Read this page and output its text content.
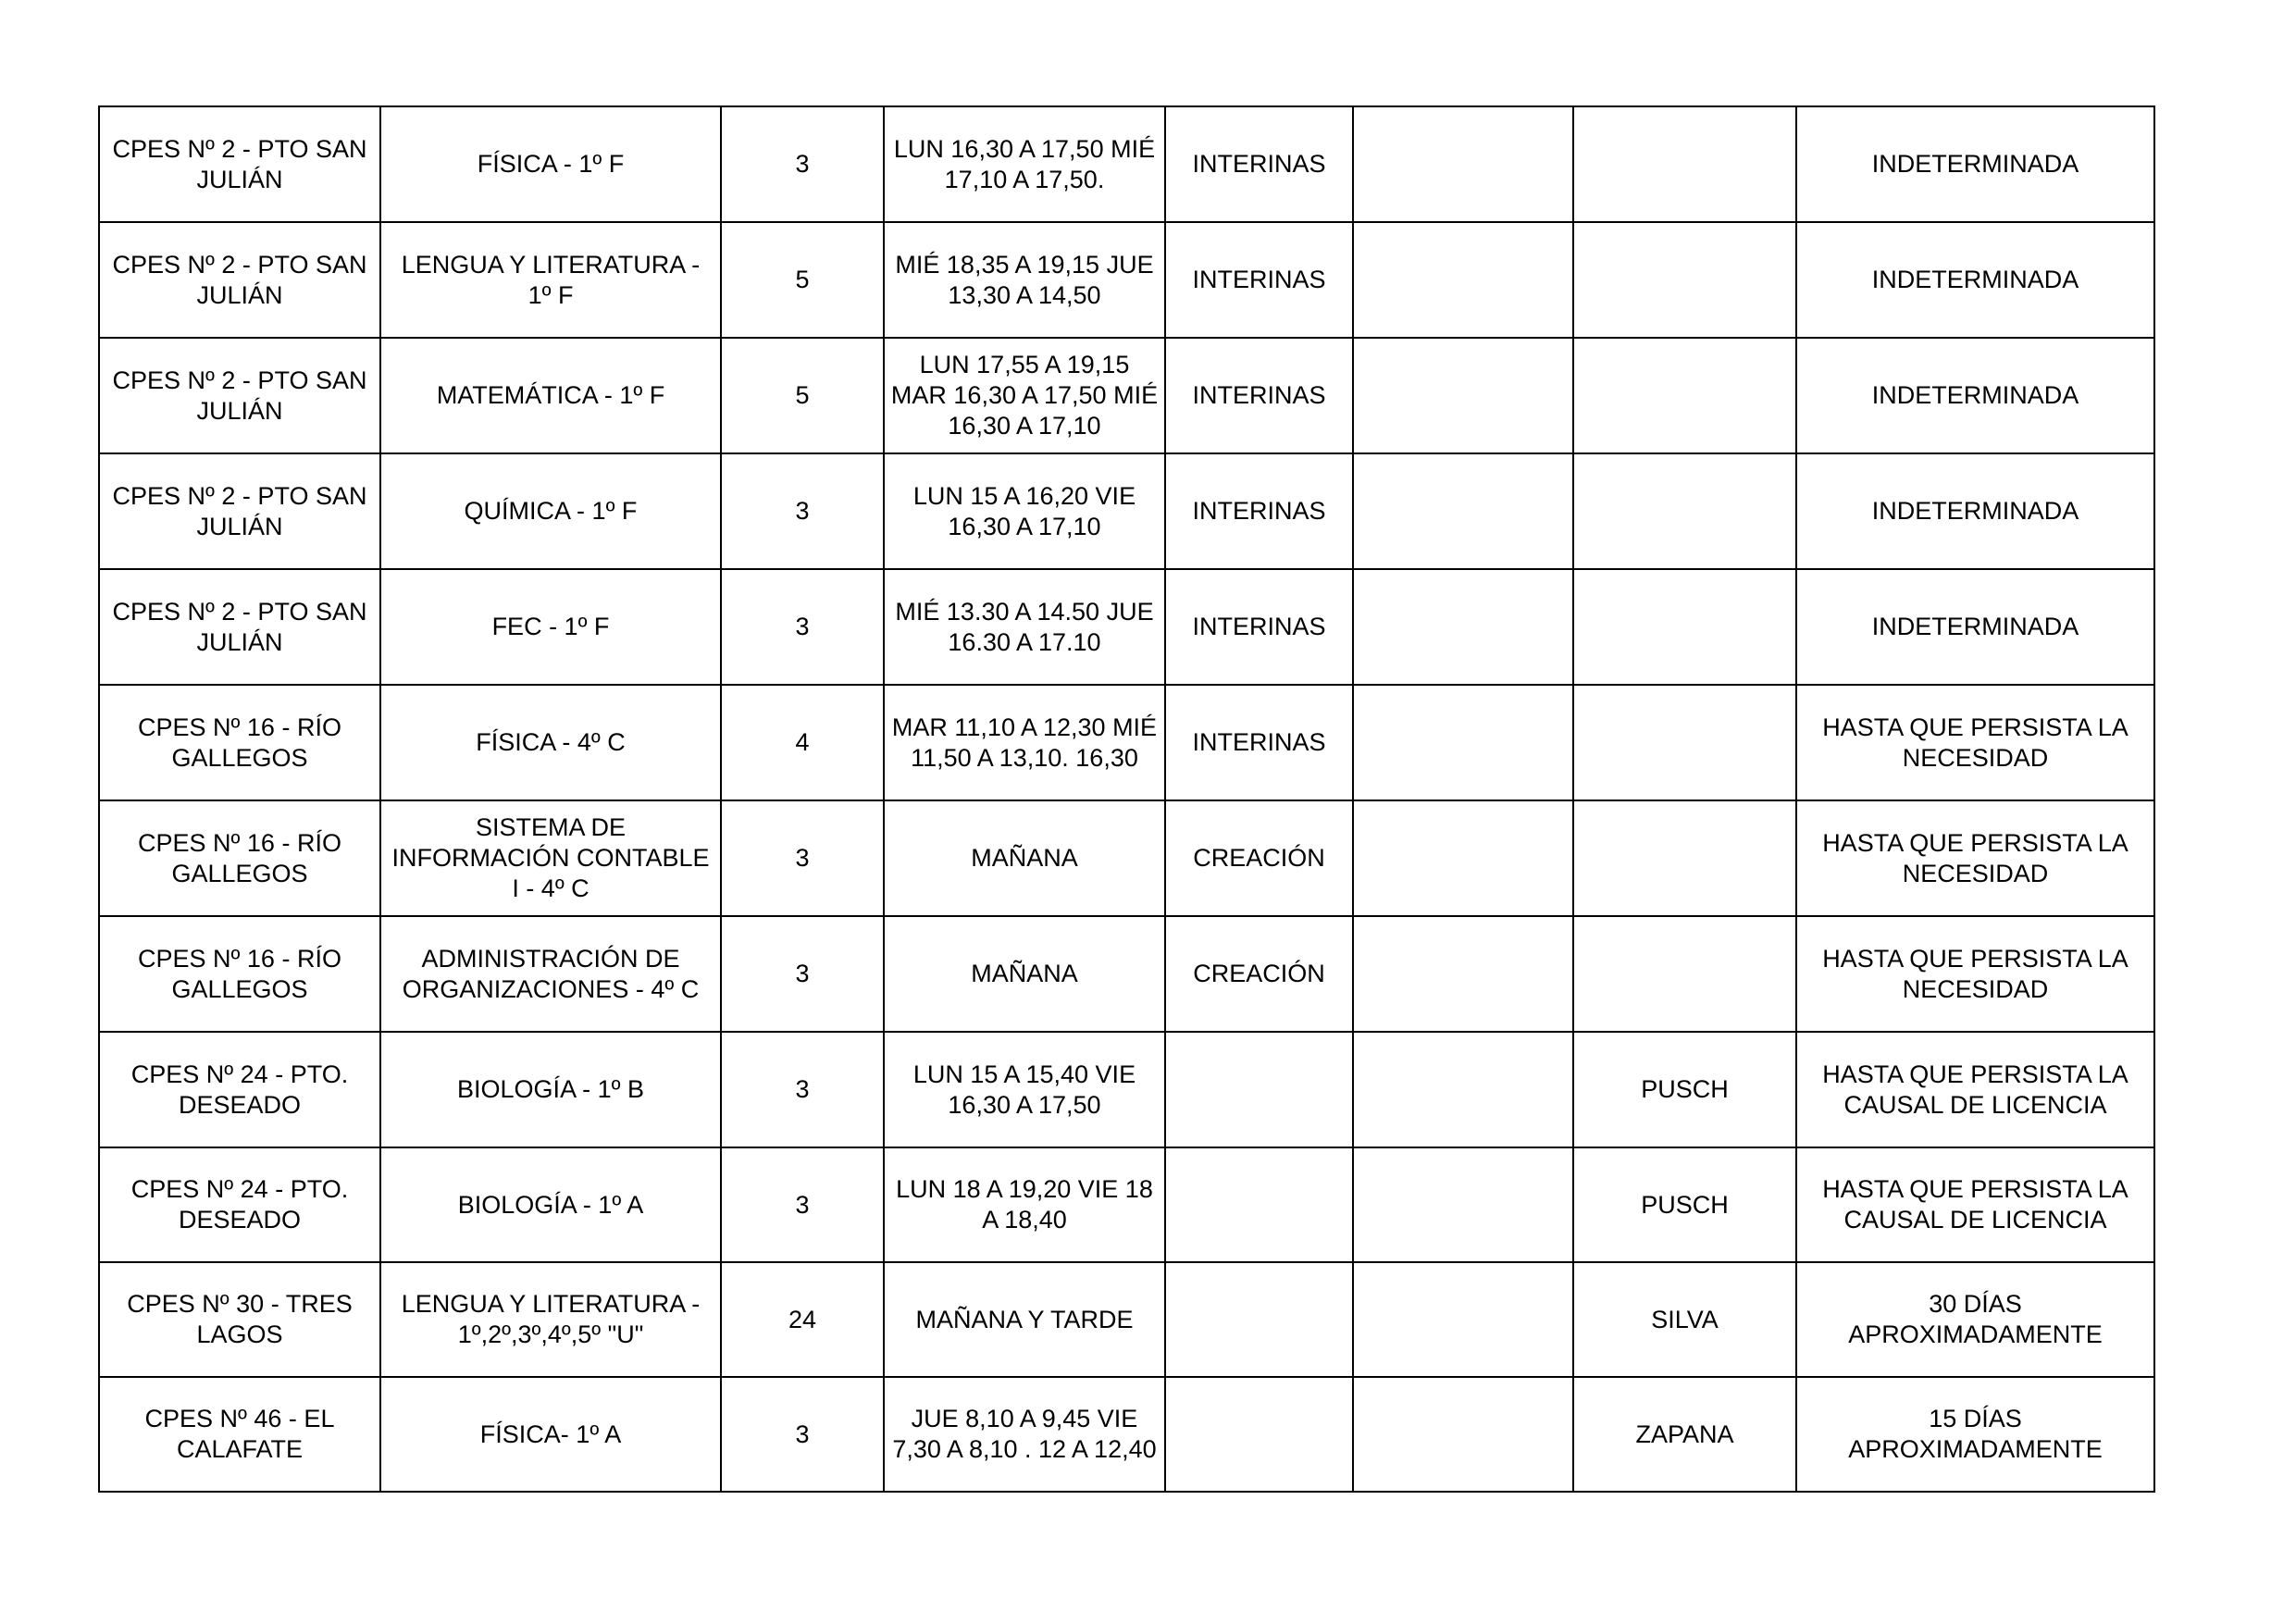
CPES Nº 2 - PTO SAN
JULIÁN	FÍSICA - 1º F	3	LUN 16,30 A 17,50 MIÉ
17,10 A 17,50.	INTERINAS			INDETERMINADA
CPES Nº 2 - PTO SAN
JULIÁN	LENGUA Y LITERATURA -
1º F	5	MIÉ 18,35 A 19,15 JUE
13,30 A 14,50	INTERINAS			INDETERMINADA
CPES Nº 2 - PTO SAN
JULIÁN	MATEMÁTICA - 1º F	5	LUN 17,55 A 19,15
MAR 16,30 A 17,50 MIÉ
16,30 A 17,10	INTERINAS			INDETERMINADA
CPES Nº 2 - PTO SAN
JULIÁN	QUÍMICA - 1º F	3	LUN 15 A 16,20 VIE
16,30 A 17,10	INTERINAS			INDETERMINADA
CPES Nº 2 - PTO SAN
JULIÁN	FEC - 1º F	3	MIÉ 13.30 A 14.50 JUE
16.30 A 17.10	INTERINAS			INDETERMINADA
CPES Nº 16 - RÍO
GALLEGOS	FÍSICA - 4º C	4	MAR 11,10 A 12,30 MIÉ
11,50 A 13,10. 16,30	INTERINAS			HASTA QUE PERSISTA LA
NECESIDAD
CPES Nº 16 - RÍO
GALLEGOS	SISTEMA DE
INFORMACIÓN CONTABLE
I - 4º C	3	MAÑANA	CREACIÓN			HASTA QUE PERSISTA LA
NECESIDAD
CPES Nº 16 - RÍO
GALLEGOS	ADMINISTRACIÓN DE
ORGANIZACIONES - 4º C	3	MAÑANA	CREACIÓN			HASTA QUE PERSISTA LA
NECESIDAD
CPES Nº 24 - PTO.
DESEADO	BIOLOGÍA - 1º B	3	LUN 15 A 15,40 VIE
16,30 A 17,50			PUSCH	HASTA QUE PERSISTA LA
CAUSAL DE LICENCIA
CPES Nº 24 - PTO.
DESEADO	BIOLOGÍA - 1º A	3	LUN 18 A 19,20 VIE 18
A 18,40			PUSCH	HASTA QUE PERSISTA LA
CAUSAL DE LICENCIA
CPES Nº 30 - TRES
LAGOS	LENGUA Y LITERATURA -
1º,2º,3º,4º,5º "U"	24	MAÑANA Y TARDE			SILVA	30 DÍAS
APROXIMADAMENTE
CPES Nº 46 - EL
CALAFATE	FÍSICA- 1º A	3	JUE 8,10 A 9,45 VIE
7,30 A 8,10 . 12 A 12,40			ZAPANA	15 DÍAS
APROXIMADAMENTE
